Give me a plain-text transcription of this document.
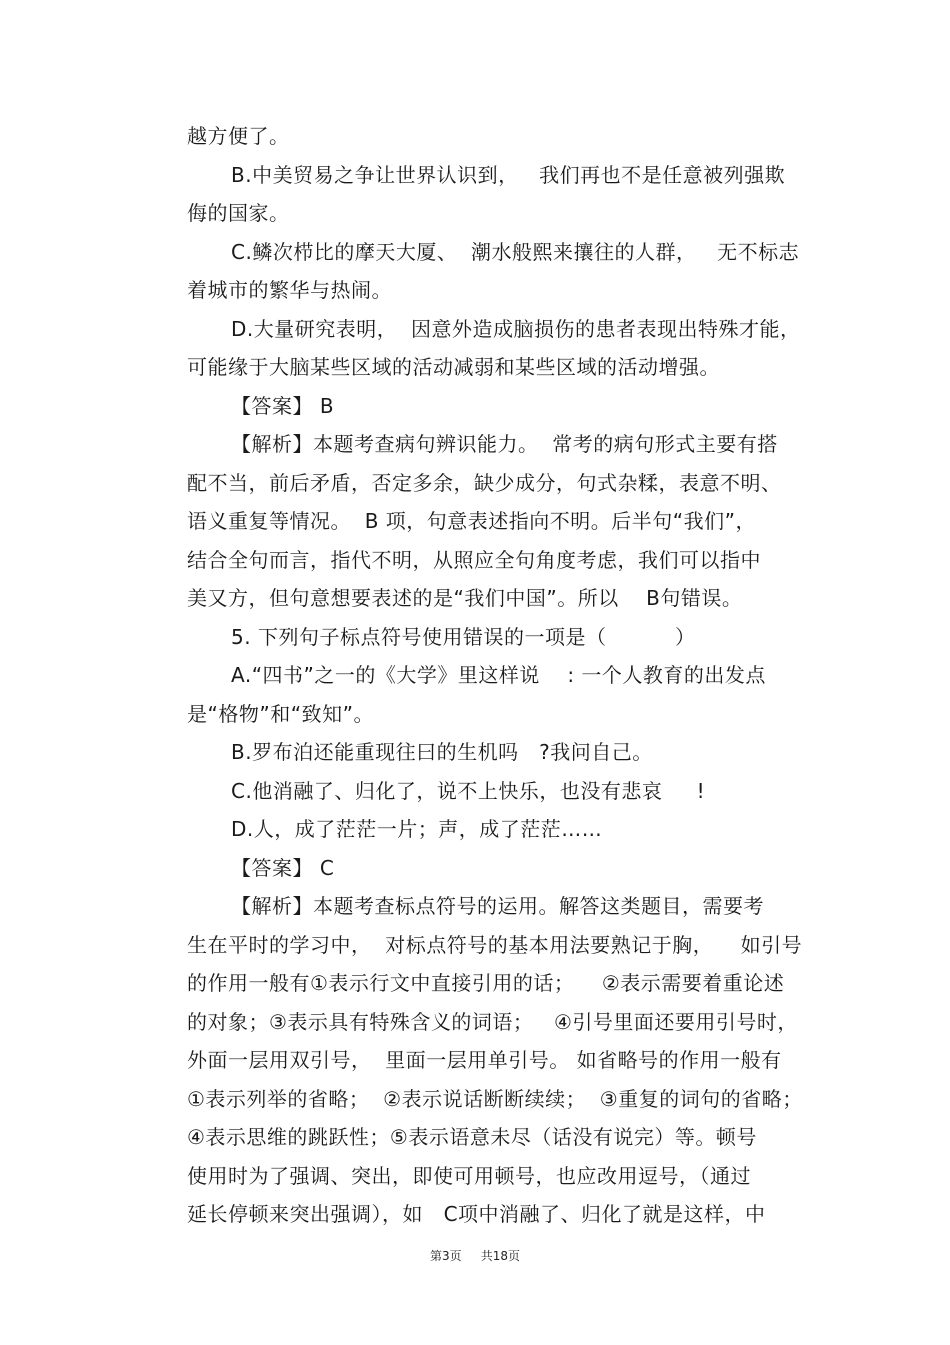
越方便了。
B.中美贸易之争让世界认识到，   我们再也不是任意被列强欺
侮的国家。
C.鳞次栉比的摩天大厦、  潮水般熙来攘往的人群，   无不标志
着城市的繁华与热闹。
D.大量研究表明，  因意外造成脑损伤的患者表现出特殊才能，
可能缘于大脑某些区域的活动减弱和某些区域的活动增强。
【答案】 B
【解析】本题考查病句辨识能力。  常考的病句形式主要有搭
配不当，前后矛盾，否定多余，缺少成分，句式杂糅，表意不明、
语义重复等情况。  B 项，句意表述指向不明。后半句“我们”，
结合全句而言，指代不明，从照应全句角度考虑，我们可以指中
美又方，但句意想要表述的是“我们中国”。所以    B句错误。
5. 下列句子标点符号使用错误的一项是（          ）
A.“四书”之一的《大学》里这样说    : 一个人教育的出发点
是“格物”和“致知”。
B.罗布泊还能重现往曰的生机吗   ?我问自己。
C.他消融了、归化了，说不上快乐，也没有悲哀     !
D.人，成了茫茫一片；声，成了茫茫……
【答案】 C
【解析】本题考查标点符号的运用。解答这类题目，需要考
生在平时的学习中，  对标点符号的基本用法要熟记于胸，    如引号
的作用一般有①表示行文中直接引用的话；    ②表示需要着重论述
的对象；③表示具有特殊含义的词语；   ④引号里面还要用引号时，
外面一层用双引号，  里面一层用单引号。 如省略号的作用一般有
①表示列举的省略；  ②表示说话断断续续；  ③重复的词句的省略；
④表示思维的跳跃性；⑤表示语意未尽（话没有说完）等。顿号
使用时为了强调、突出，即使可用顿号，也应改用逗号，（通过
延长停顿来突出强调），如   C项中消融了、归化了就是这样，中
第3页     共18页
